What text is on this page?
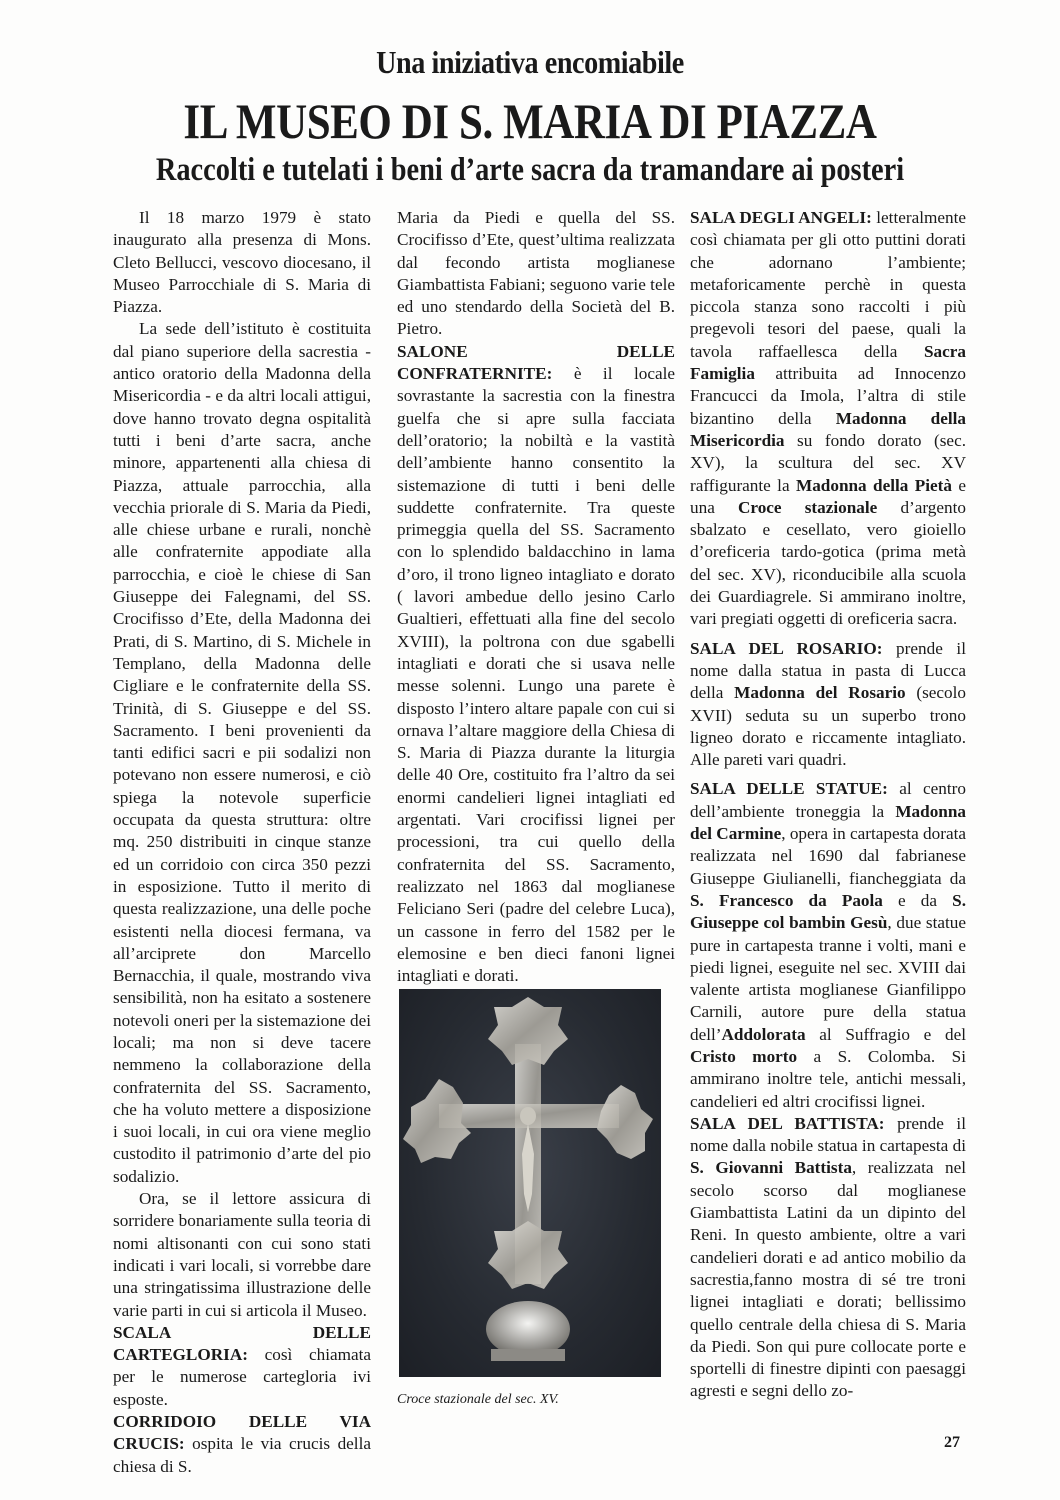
Una iniziativa encomiabile
IL MUSEO DI S. MARIA DI PIAZZA
Raccolti e tutelati i beni d’arte sacra da tramandare ai posteri

Il 18 marzo 1979 è stato inaugurato alla presenza di Mons. Cleto Bellucci, vescovo diocesano, il Museo Parrocchiale di S. Maria di Piazza.

La sede dell’istituto è costituita dal piano superiore della sacrestia - antico oratorio della Madonna della Misericordia - e da altri locali attigui, dove hanno trovato degna ospitalità tutti i beni d’arte sacra, anche minore, appartenenti alla chiesa di Piazza, attuale parrocchia, alla vecchia priorale di S. Maria da Piedi, alle chiese urbane e rurali, nonchè alle confraternite appodiate alla parrocchia, e cioè le chiese di San Giuseppe dei Falegnami, del SS. Crocifisso d’Ete, della Madonna dei Prati, di S. Martino, di S. Michele in Templano, della Madonna delle Cigliare e le confraternite della SS. Trinità, di S. Giuseppe e del SS. Sacramento. I beni provenienti da tanti edifici sacri e pii sodalizi non potevano non essere numerosi, e ciò spiega la notevole superficie occupata da questa struttura: oltre mq. 250 distribuiti in cinque stanze ed un corridoio con circa 350 pezzi in esposizione. Tutto il merito di questa realizzazione, una delle poche esistenti nella diocesi fermana, va all’arciprete don Marcello Bernacchia, il quale, mostrando viva sensibilità, non ha esitato a sostenere notevoli oneri per la sistemazione dei locali; ma non si deve tacere nemmeno la collaborazione della confraternita del SS. Sacramento, che ha voluto mettere a disposizione i suoi locali, in cui ora viene meglio custodito il patrimonio d’arte del pio sodalizio.

Ora, se il lettore assicura di sorridere bonariamente sulla teoria di nomi altisonanti con cui sono stati indicati i vari locali, si vorrebbe dare una stringatissima illustrazione delle varie parti in cui si articola il Museo.

SCALA DELLE CARTEGLORIA: così chiamata per le numerose carteglori​a ivi esposte.

CORRIDOIO DELLE VIA CRUCIS: ospita le via crucis della chiesa di S.

Maria da Piedi e quella del SS. Crocifisso d’Ete, quest’ultima realizzata dal fecondo artista moglianese Giambattista Fabiani; seguono varie tele ed uno stendardo della Società del B. Pietro.

SALONE DELLE CONFRATERNITE: è il locale sovrastante la sacrestia con la finestra guelfa che si apre sulla facciata dell’oratorio; la nobiltà e la vastità dell’ambiente hanno consentito la sistemazione di tutti i beni delle suddette confraternite. Tra queste primeggia quella del SS. Sacramento con lo splendido baldacchino in lama d’oro, il trono ligneo intagliato e dorato ( lavori ambedue dello jesino Carlo Gualtieri, effettuati alla fine del secolo XVIII), la poltrona con due sgabelli intagliati e dorati che si usava nelle messe solenni. Lungo una parete è disposto l’intero altare papale con cui si ornava l’altare maggiore della Chiesa di S. Maria di Piazza durante la liturgia delle 40 Ore, costituito fra l’altro da sei enormi candelieri lignei intagliati ed argentati. Vari crocifissi lignei per processioni, tra cui quello della confraternita del SS. Sacramento, realizzato nel 1863 dal moglianese Feliciano Seri (padre del celebre Luca), un cassone in ferro del 1582 per le elemosine e ben dieci fanoni lignei intagliati e dorati.

Croce stazionale del sec. XV.

SALA DEGLI ANGELI: letteralmente così chiamata per gli otto puttini dorati che adornano l’ambiente; metaforicamente perchè in questa piccola stanza sono raccolti i più pregevoli tesori del paese, quali la tavola raffaellesca della Sacra Famiglia attribuita ad Innocenzo Francucci da Imola, l’altra di stile bizantino della Madonna della Misericordia su fondo dorato (sec. XV), la scultura del sec. XV raffigurante la Madonna della Pietà e una Croce stazionale d’argento sbalzato e cesellato, vero gioiello d’oreficeria tardo-gotica (prima metà del sec. XV), riconducibile alla scuola dei Guardiagrele. Si ammirano inoltre, vari pregiati oggetti di oreficeria sacra.

SALA DEL ROSARIO: prende il nome dalla statua in pasta di Lucca della Madonna del Rosario (secolo XVII) seduta su un superbo trono ligneo dorato e riccamente intagliato. Alle pareti vari quadri.

SALA DELLE STATUE: al centro dell’ambiente troneggia la Madonna del Carmine, opera in cartapesta dorata realizzata nel 1690 dal fabrianese Giuseppe Giulianelli, fiancheggiata da S. Francesco da Paola e da S. Giuseppe col bambin Gesù, due statue pure in cartapesta tranne i volti, mani e piedi lignei, eseguite nel sec. XVIII dai valente artista moglianese Gianfilippo Carnili, autore pure della statua dell’Addolorata al Suffragio e del Cristo morto a S. Colomba. Si ammirano inoltre tele, antichi messali, candelieri ed altri crocifissi lignei.

SALA DEL BATTISTA: prende il nome dalla nobile statua in cartapesta di S. Giovanni Battista, realizzata nel secolo scorso dal moglianese Giambattista Latini da un dipinto del Reni. In questo ambiente, oltre a vari candelieri dorati e ad antico mobilio da sacrestia,fanno mostra di sé tre troni lignei intagliati e dorati; bellissimo quello centrale della chiesa di S. Maria da Piedi. Son qui pure collocate porte e sportelli di finestre dipinti con paesaggi agresti e segni dello zo-

27
